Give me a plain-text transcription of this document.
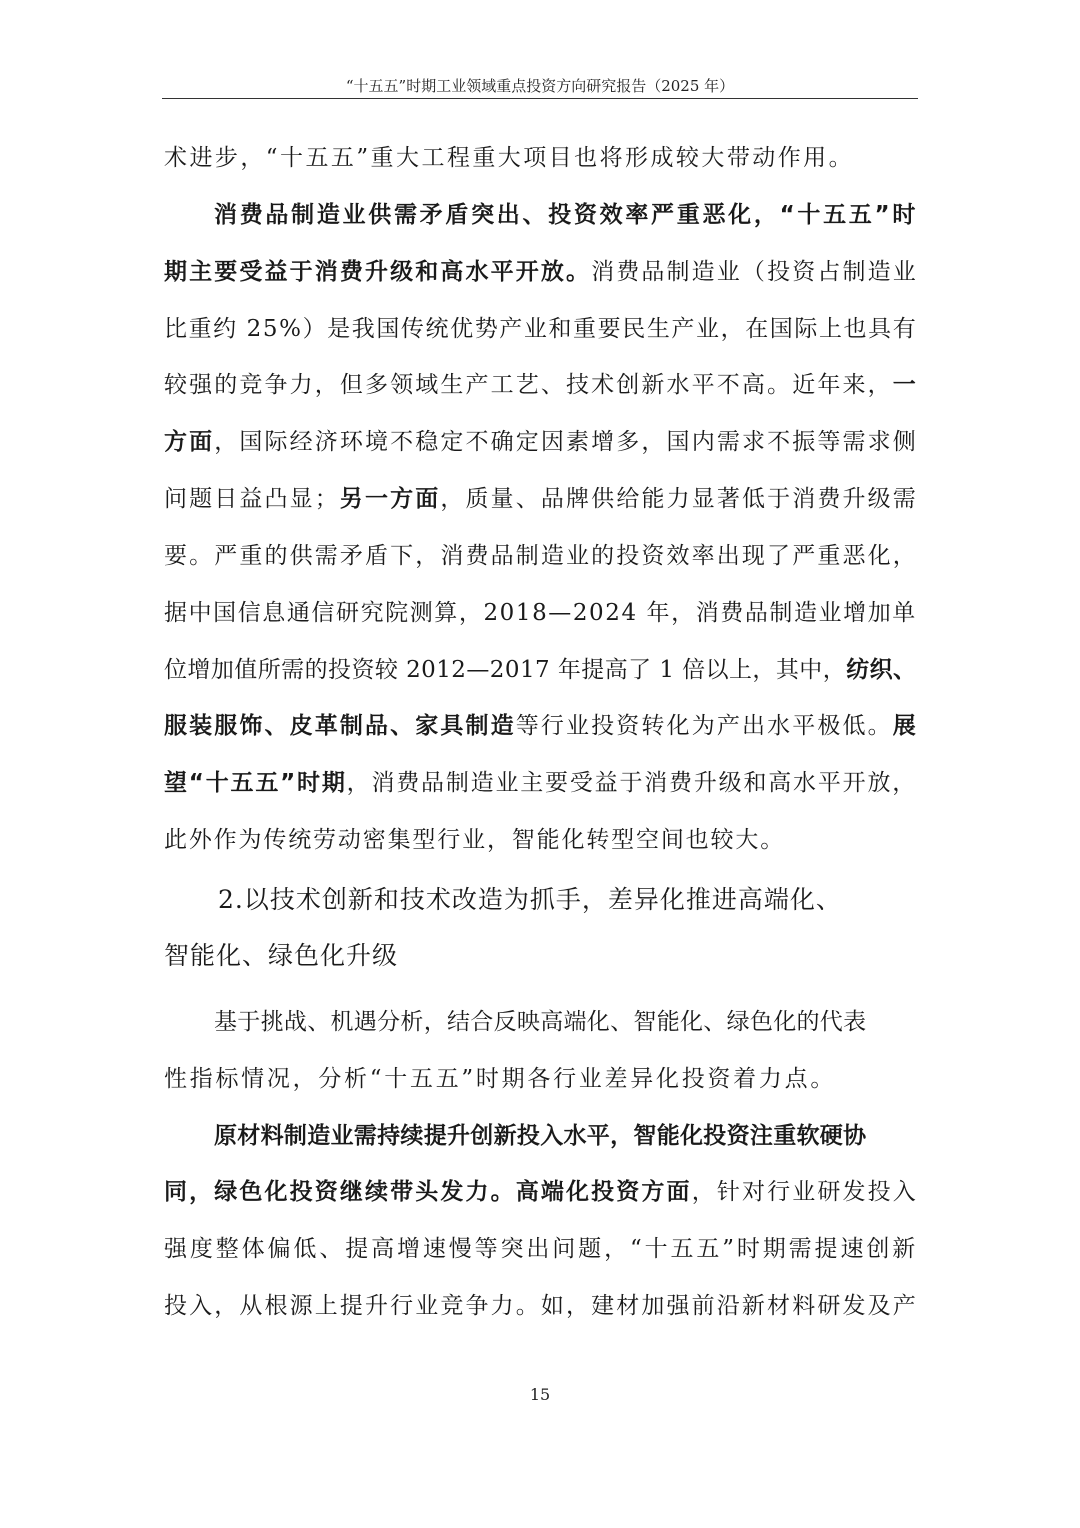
“十五五”时期工业领域重点投资方向研究报告（2025 年）
术进步，“十五五”重大工程重大项目也将形成较大带动作用。
消费品制造业供需矛盾突出、投资效率严重恶化，“十五五”时
期主要受益于消费升级和高水平开放。消费品制造业（投资占制造业
比重约 25%）是我国传统优势产业和重要民生产业，在国际上也具有
较强的竞争力，但多领域生产工艺、技术创新水平不高。近年来，一
方面，国际经济环境不稳定不确定因素增多，国内需求不振等需求侧
问题日益凸显；另一方面，质量、品牌供给能力显著低于消费升级需
要。严重的供需矛盾下，消费品制造业的投资效率出现了严重恶化，
据中国信息通信研究院测算，2018—2024 年，消费品制造业增加单
位增加值所需的投资较 2012—2017 年提高了 1 倍以上，其中，纺织、
服装服饰、皮革制品、家具制造等行业投资转化为产出水平极低。展
望“十五五”时期，消费品制造业主要受益于消费升级和高水平开放，
此外作为传统劳动密集型行业，智能化转型空间也较大。
2.以技术创新和技术改造为抓手，差异化推进高端化、
智能化、绿色化升级
基于挑战、机遇分析，结合反映高端化、智能化、绿色化的代表
性指标情况，分析“十五五”时期各行业差异化投资着力点。
原材料制造业需持续提升创新投入水平，智能化投资注重软硬协
同，绿色化投资继续带头发力。高端化投资方面，针对行业研发投入
强度整体偏低、提高增速慢等突出问题，“十五五”时期需提速创新
投入，从根源上提升行业竞争力。如，建材加强前沿新材料研发及产
15
